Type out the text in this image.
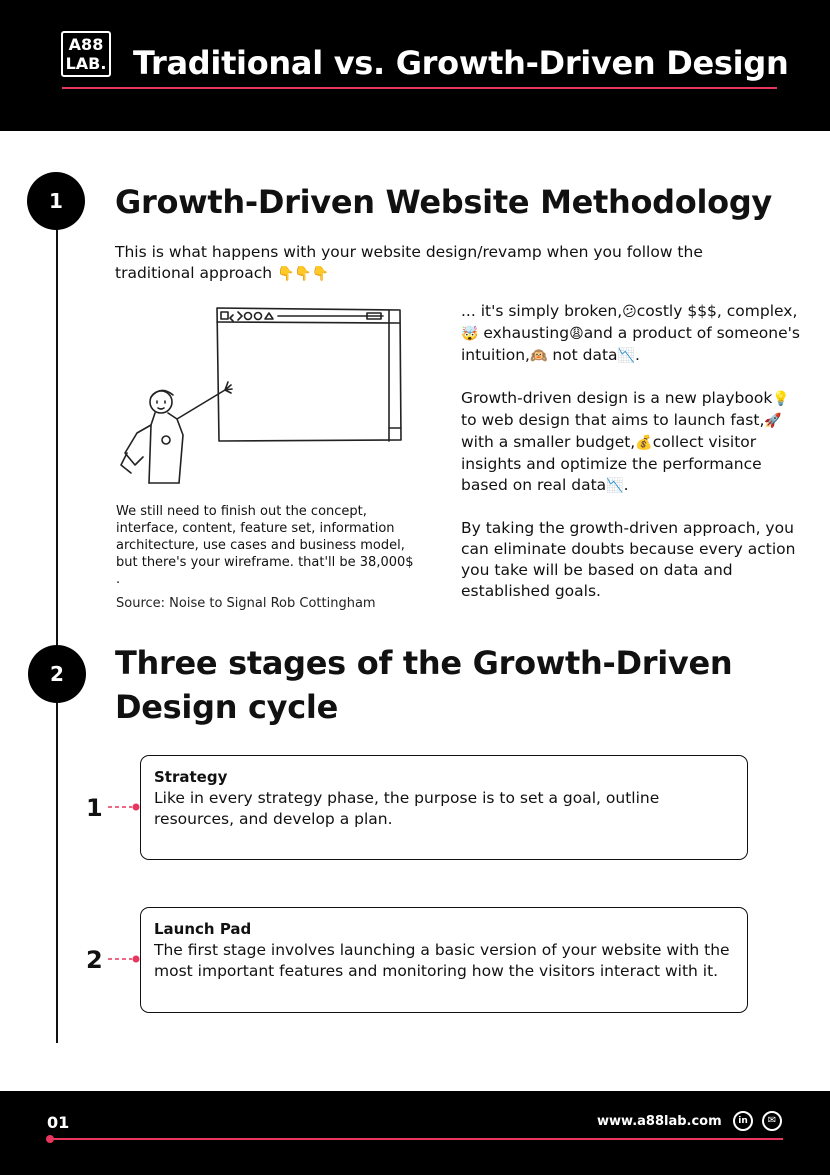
A88
LAB. Traditional vs. Growth-Driven Design
1	Growth-Driven Website Methodology
This is what happens with your website design/revamp when you follow the traditional approach 👇👇👇
We still need to finish out the concept, interface, content, feature set, information architecture, use cases and business model, but there's your wireframe. that'll be 38,000$ .
Source: Noise to Signal Rob Cottingham

... it's simply broken,😕costly $$$, complex,🤯 exhausting😩and a product of someone's intuition,🙉 not data📉.

Growth-driven design is a new playbook💡 to web design that aims to launch fast,🚀 with a smaller budget,💰collect visitor insights and optimize the performance based on real data📉.

By taking the growth-driven approach, you can eliminate doubts because every action you take will be based on data and established goals.

2	Three stages of the Growth-Driven
Design cycle
1
Strategy
Like in every strategy phase, the purpose is to set a goal, outline resources, and develop a plan.
2
Launch Pad
The first stage involves launching a basic version of your website with the most important features and monitoring how the visitors interact with it.
01	www.a88lab.com	in	✉
